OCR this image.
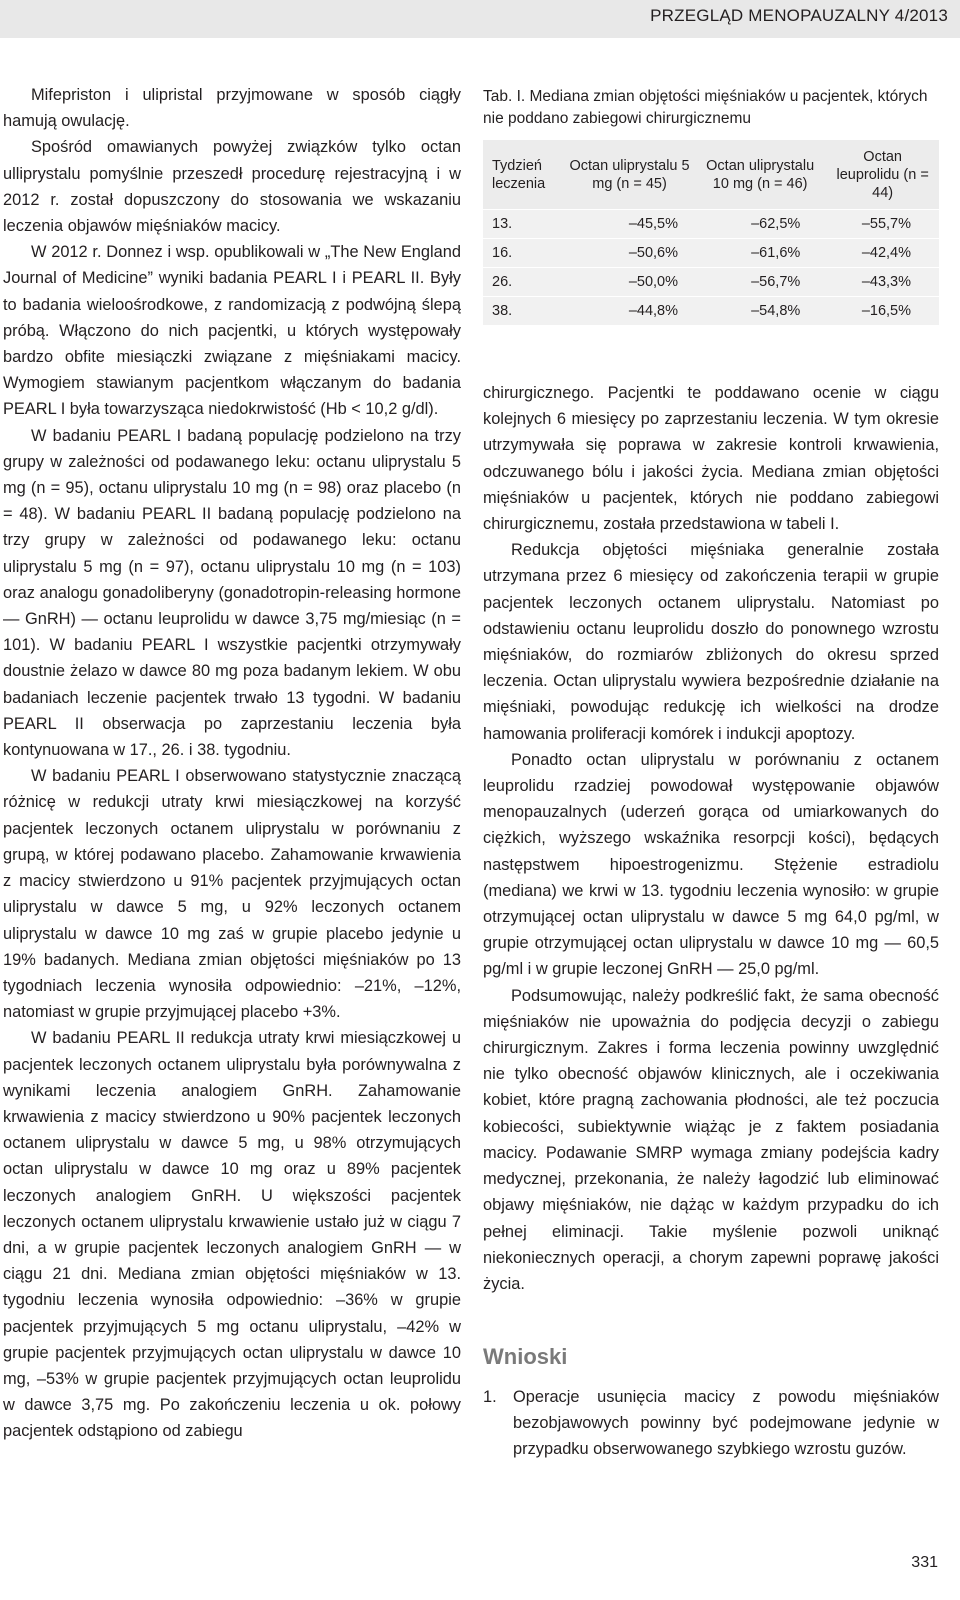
PRZEGLĄD MENOPAUZALNY 4/2013

Mifepriston i ulipristal przyjmowane w sposób ciągły hamują owulację.

Spośród omawianych powyżej związków tylko octan ulliprystalu pomyślnie przeszedł procedurę rejestracyjną i w 2012 r. został dopuszczony do stosowania we wskazaniu leczenia objawów mięśniaków macicy.

W 2012 r. Donnez i wsp. opublikowali w „The New England Journal of Medicine” wyniki badania PEARL I i PEARL II. Były to badania wieloośrodkowe, z randomizacją z podwójną ślepą próbą. Włączono do nich pacjentki, u których występowały bardzo obfite miesiączki związane z mięśniakami macicy. Wymogiem stawianym pacjentkom włączanym do badania PEARL I była towarzysząca niedokrwistość (Hb < 10,2 g/dl).

W badaniu PEARL I badaną populację podzielono na trzy grupy w zależności od podawanego leku: octanu uliprystalu 5 mg (n = 95), octanu uliprystalu 10 mg (n = 98) oraz placebo (n = 48). W badaniu PEARL II badaną populację podzielono na trzy grupy w zależności od podawanego leku: octanu uliprystalu 5 mg (n = 97), octanu uliprystalu 10 mg (n = 103) oraz analogu gonadoliberyny (gonadotropin-releasing hormone — GnRH) — octanu leuprolidu w dawce 3,75 mg/miesiąc (n = 101). W badaniu PEARL I wszystkie pacjentki otrzymywały doustnie żelazo w dawce 80 mg poza badanym lekiem. W obu badaniach leczenie pacjentek trwało 13 tygodni. W badaniu PEARL II obserwacja po zaprzestaniu leczenia była kontynuowana w 17., 26. i 38. tygodniu.

W badaniu PEARL I obserwowano statystycznie znaczącą różnicę w redukcji utraty krwi miesiączkowej na korzyść pacjentek leczonych octanem uliprystalu w porównaniu z grupą, w której podawano placebo. Zahamowanie krwawienia z macicy stwierdzono u 91% pacjentek przyjmujących octan uliprystalu w dawce 5 mg, u 92% leczonych octanem uliprystalu w dawce 10 mg zaś w grupie placebo jedynie u 19% badanych. Mediana zmian objętości mięśniaków po 13 tygodniach leczenia wynosiła odpowiednio: –21%, –12%, natomiast w grupie przyjmującej placebo +3%.

W badaniu PEARL II redukcja utraty krwi miesiączkowej u pacjentek leczonych octanem uliprystalu była porównywalna z wynikami leczenia analogiem GnRH. Zahamowanie krwawienia z macicy stwierdzono u 90% pacjentek leczonych octanem uliprystalu w dawce 5 mg, u 98% otrzymujących octan uliprystalu w dawce 10 mg oraz u 89% pacjentek leczonych analogiem GnRH. U większości pacjentek leczonych octanem uliprystalu krwawienie ustało już w ciągu 7 dni, a w grupie pacjentek leczonych analogiem GnRH — w ciągu 21 dni. Mediana zmian objętości mięśniaków w 13. tygodniu leczenia wynosiła odpowiednio: –36% w grupie pacjentek przyjmujących 5 mg octanu uliprystalu, –42% w grupie pacjentek przyjmujących octan uliprystalu w dawce 10 mg, –53% w grupie pacjentek przyjmujących octan leuprolidu w dawce 3,75 mg. Po zakończeniu leczenia u ok. połowy pacjentek odstąpiono od zabiegu

Tab. I. Mediana zmian objętości mięśniaków u pacjentek, których nie poddano zabiegowi chirurgicznemu
Tydzień leczenia	Octan uliprystalu 5 mg (n = 45)	Octan uliprystalu 10 mg (n = 46)	Octan leuprolidu (n = 44)
13.	–45,5%	–62,5%	–55,7%
16.	–50,6%	–61,6%	–42,4%
26.	–50,0%	–56,7%	–43,3%
38.	–44,8%	–54,8%	–16,5%

chirurgicznego. Pacjentki te poddawano ocenie w ciągu kolejnych 6 miesięcy po zaprzestaniu leczenia. W tym okresie utrzymywała się poprawa w zakresie kontroli krwawienia, odczuwanego bólu i jakości życia. Mediana zmian objętości mięśniaków u pacjentek, których nie poddano zabiegowi chirurgicznemu, została przedstawiona w tabeli I.

Redukcja objętości mięśniaka generalnie została utrzymana przez 6 miesięcy od zakończenia terapii w grupie pacjentek leczonych octanem uliprystalu. Natomiast po odstawieniu octanu leuprolidu doszło do ponownego wzrostu mięśniaków, do rozmiarów zbliżonych do okresu sprzed leczenia. Octan uliprystalu wywiera bezpośrednie działanie na mięśniaki, powodując redukcję ich wielkości na drodze hamowania proliferacji komórek i indukcji apoptozy.

Ponadto octan uliprystalu w porównaniu z octanem leuprolidu rzadziej powodował występowanie objawów menopauzalnych (uderzeń gorąca od umiarkowanych do ciężkich, wyższego wskaźnika resorpcji kości), będących następstwem hipoestrogenizmu. Stężenie estradiolu (mediana) we krwi w 13. tygodniu leczenia wynosiło: w grupie otrzymującej octan uliprystalu w dawce 5 mg 64,0 pg/ml, w grupie otrzymującej octan uliprystalu w dawce 10 mg — 60,5 pg/ml i w grupie leczonej GnRH — 25,0 pg/ml.

Podsumowując, należy podkreślić fakt, że sama obecność mięśniaków nie upoważnia do podjęcia decyzji o zabiegu chirurgicznym. Zakres i forma leczenia powinny uwzględnić nie tylko obecność objawów klinicznych, ale i oczekiwania kobiet, które pragną zachowania płodności, ale też poczucia kobiecości, subiektywnie wiążąc je z faktem posiadania macicy. Podawanie SMRP wymaga zmiany podejścia kadry medycznej, przekonania, że należy łagodzić lub eliminować objawy mięśniaków, nie dążąc w każdym przypadku do ich pełnej eliminacji. Takie myślenie pozwoli uniknąć niekoniecznych operacji, a chorym zapewni poprawę jakości życia.

Wnioski
1. Operacje usunięcia macicy z powodu mięśniaków bezobjawowych powinny być podejmowane jedynie w przypadku obserwowanego szybkiego wzrostu guzów.
331
